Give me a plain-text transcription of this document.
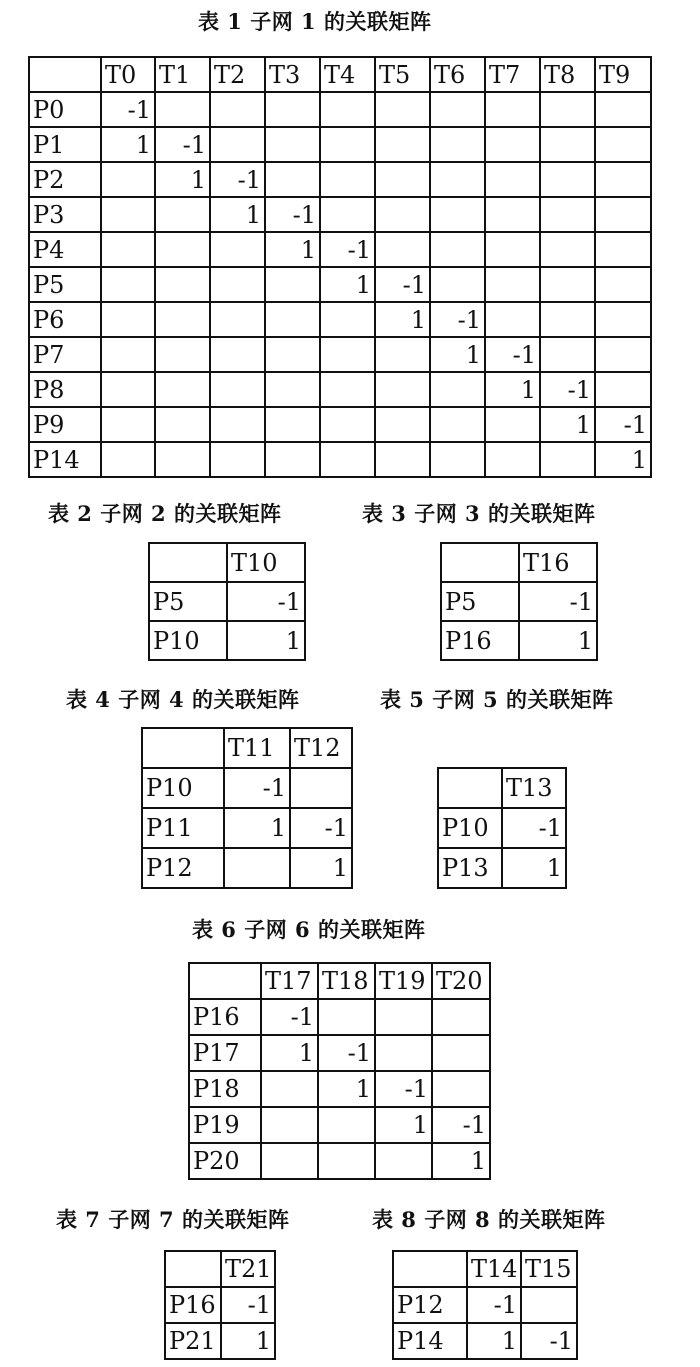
表 1 子网 1 的关联矩阵
表 2 子网 2 的关联矩阵	表 3 子网 3 的关联矩阵
表 4 子网 4 的关联矩阵	表 5 子网 5 的关联矩阵
表 6 子网 6 的关联矩阵
表 7 子网 7 的关联矩阵	表 8 子网 8 的关联矩阵
	T0	T1	T2	T3	T4	T5	T6	T7	T8	T9
P0	-1									
P1	1	-1								
P2		1	-1							
P3			1	-1						
P4				1	-1					
P5					1	-1				
P6						1	-1			
P7							1	-1		
P8								1	-1	
P9									1	-1
P14										1
	T10
P5	-1
P10	1
	T16
P5	-1
P16	1
	T11	T12
P10	-1	
P11	1	-1
P12		1
	T13
P10	-1
P13	1
	T17	T18	T19	T20
P16	-1			
P17	1	-1		
P18		1	-1	
P19			1	-1
P20				1
	T21
P16	-1
P21	1
	T14	T15
P12	-1	
P14	1	-1
